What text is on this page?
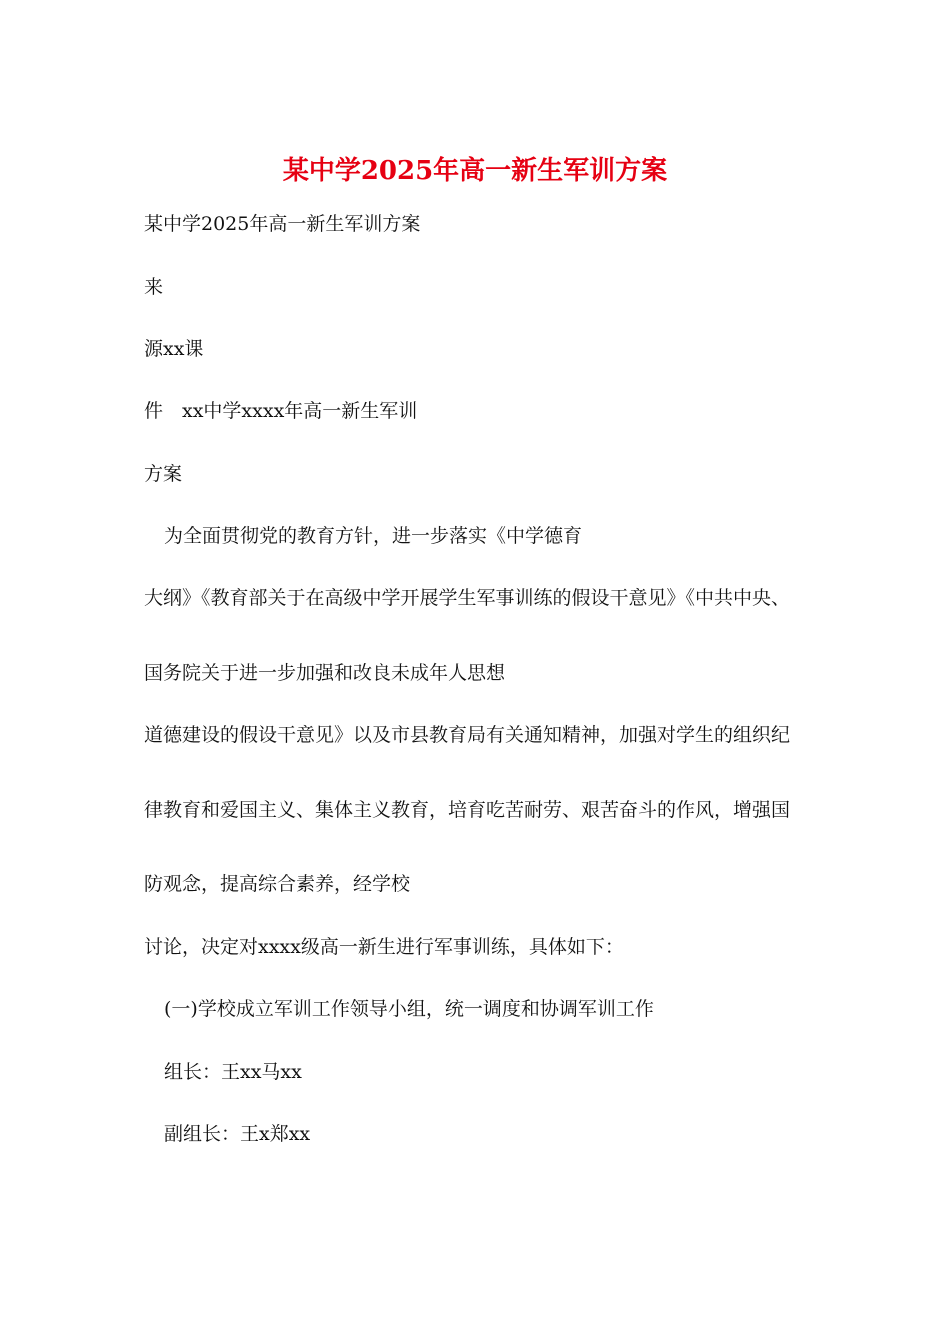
某中学2025年高一新生军训方案
某中学2025年高一新生军训方案
来
源xx课
件　xx中学xxxx年高一新生军训
方案
为全面贯彻党的教育方针，进一步落实《中学德育
大纲》《教育部关于在高级中学开展学生军事训练的假设干意见》《中共中央、
国务院关于进一步加强和改良未成年人思想
道德建设的假设干意见》以及市县教育局有关通知精神，加强对学生的组织纪
律教育和爱国主义、集体主义教育，培育吃苦耐劳、艰苦奋斗的作风，增强国
防观念，提高综合素养，经学校
讨论，决定对xxxx级高一新生进行军事训练，具体如下：
(一)学校成立军训工作领导小组，统一调度和协调军训工作
组长：王xx马xx
副组长：王x郑xx
